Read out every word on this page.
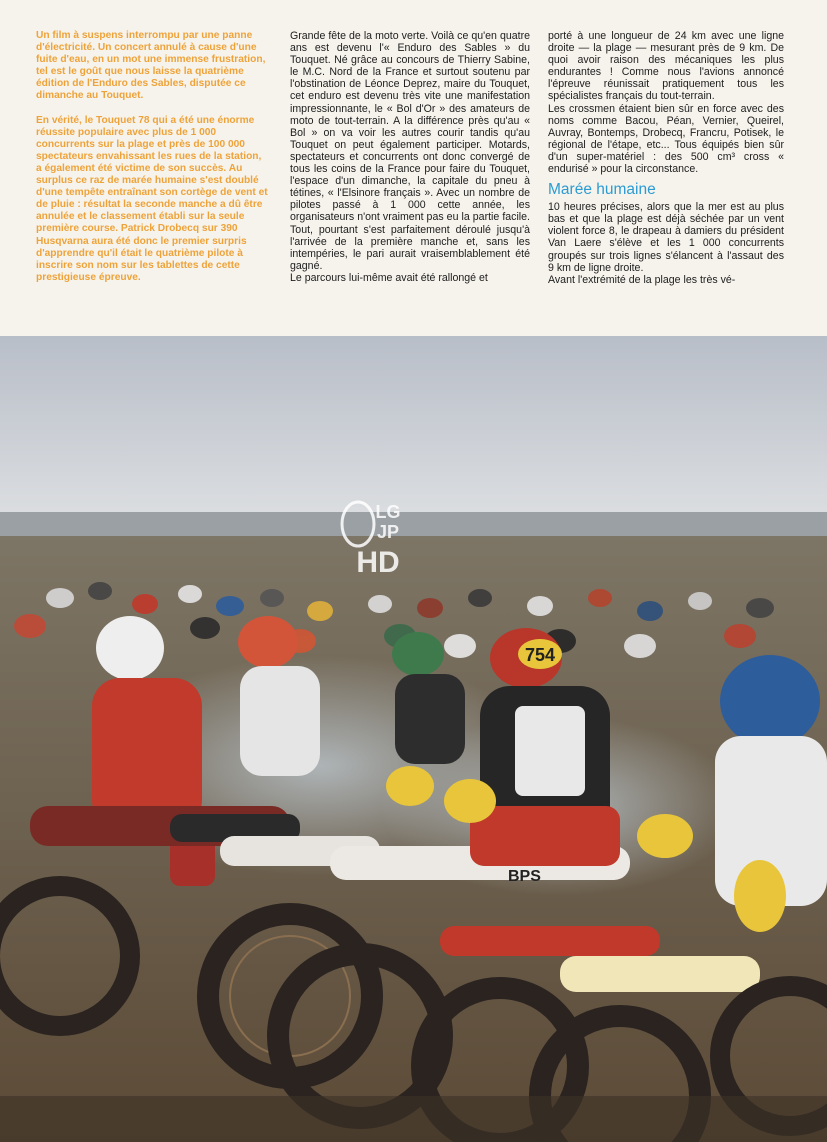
Un film à suspens interrompu par une panne d'électricité. Un concert annulé à cause d'une fuite d'eau, en un mot une immense frustration, tel est le goût que nous laisse la quatrième édition de l'Enduro des Sables, disputée ce dimanche au Touquet.

En vérité, le Touquet 78 qui a été une énorme réussite populaire avec plus de 1 000 concurrents sur la plage et près de 100 000 spectateurs envahissant les rues de la station, a également été victime de son succès. Au surplus ce raz de marée humaine s'est doublé d'une tempête entraînant son cortège de vent et de pluie : résultat la seconde manche a dû être annulée et le classement établi sur la seule première course. Patrick Drobecq sur 390 Husqvarna aura été donc le premier surpris d'apprendre qu'il était le quatrième pilote à inscrire son nom sur les tablettes de cette prestigieuse épreuve.

Grande fête de la moto verte. Voilà ce qu'en quatre ans est devenu l'« Enduro des Sables » du Touquet. Né grâce au concours de Thierry Sabine, le M.C. Nord de la France et surtout soutenu par l'obstination de Léonce Deprez, maire du Touquet, cet enduro est devenu très vite une manifestation impressionnante, le « Bol d'Or » des amateurs de moto de tout-terrain. A la différence près qu'au « Bol » on va voir les autres courir tandis qu'au Touquet on peut également participer. Motards, spectateurs et concurrents ont donc convergé de tous les coins de la France pour faire du Touquet, l'espace d'un dimanche, la capitale du pneu à tétines, « l'Elsinore français ». Avec un nombre de pilotes passé à 1 000 cette année, les organisateurs n'ont vraiment pas eu la partie facile. Tout, pourtant s'est parfaitement déroulé jusqu'à l'arrivée de la première manche et, sans les intempéries, le pari aurait vraisemblablement été gagné.

Le parcours lui-même avait été rallongé et

porté à une longueur de 24 km avec une ligne droite — la plage — mesurant près de 9 km. De quoi avoir raison des mécaniques les plus endurantes ! Comme nous l'avions annoncé l'épreuve réunissait pratiquement tous les spécialistes français du tout-terrain.

Les crossmen étaient bien sûr en force avec des noms comme Bacou, Péan, Vernier, Queirel, Auvray, Bontemps, Drobecq, Francru, Potisek, le régional de l'étape, etc... Tous équipés bien sûr d'un super-matériel : des 500 cm³ cross « endurisé » pour la circonstance.

Marée humaine

10 heures précises, alors que la mer est au plus bas et que la plage est déjà séchée par un vent violent force 8, le drapeau à damiers du président Van Laere s'élève et les 1 000 concurrents groupés sur trois lignes s'élancent à l'assaut des 9 km de ligne droite.

Avant l'extrémité de la plage les très vé-

754
BPS
LG
JP
HD
